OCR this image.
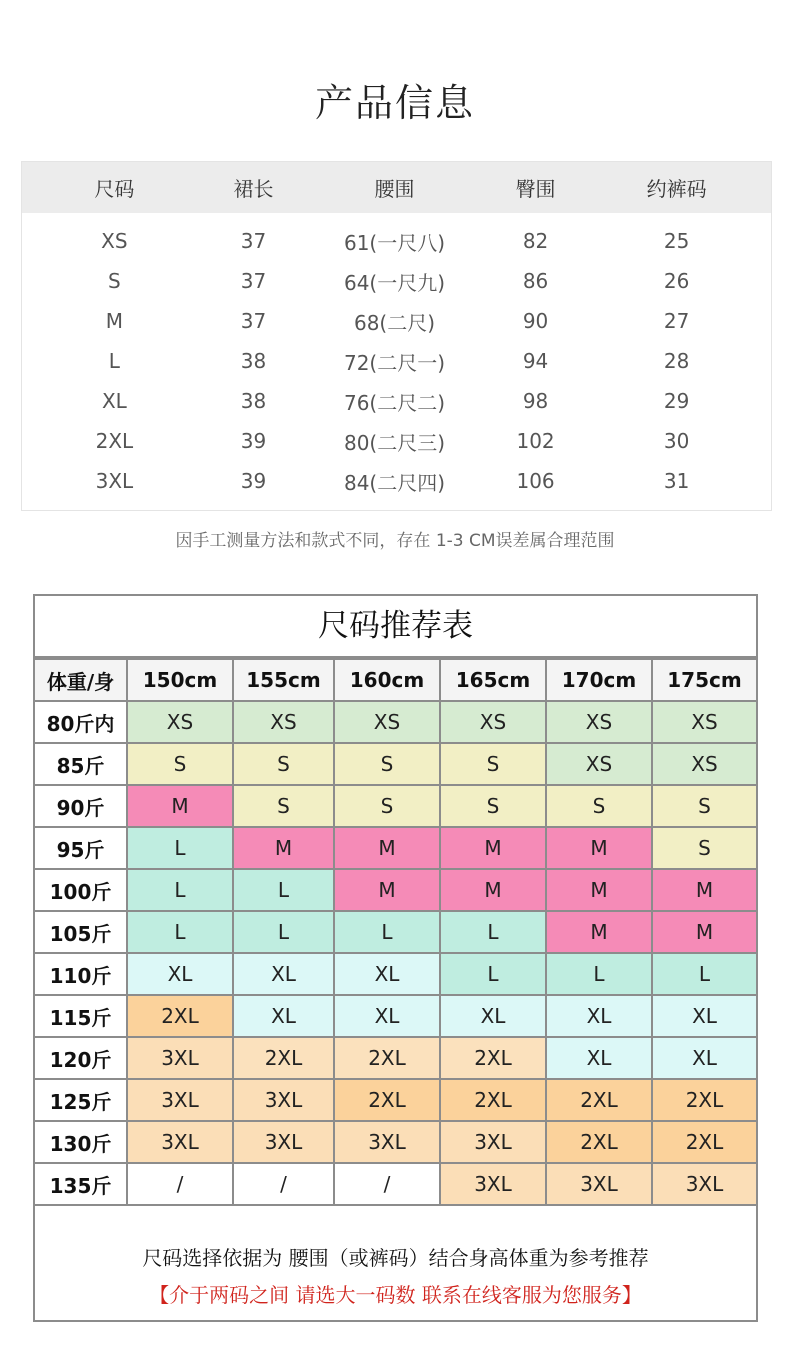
产品信息
尺码	裙长	腰围	臀围	约裤码
XS	37	61(一尺八)	82	25
S	37	64(一尺九)	86	26
M	37	68(二尺)	90	27
L	38	72(二尺一)	94	28
XL	38	76(二尺二)	98	29
2XL	39	80(二尺三)	102	30
3XL	39	84(二尺四)	106	31
因手工测量方法和款式不同，存在 1-3 CM误差属合理范围
尺码推荐表
体重/身	150cm	155cm	160cm	165cm	170cm	175cm
80斤内	XS	XS	XS	XS	XS	XS
85斤	S	S	S	S	XS	XS
90斤	M	S	S	S	S	S
95斤	L	M	M	M	M	S
100斤	L	L	M	M	M	M
105斤	L	L	L	L	M	M
110斤	XL	XL	XL	L	L	L
115斤	2XL	XL	XL	XL	XL	XL
120斤	3XL	2XL	2XL	2XL	XL	XL
125斤	3XL	3XL	2XL	2XL	2XL	2XL
130斤	3XL	3XL	3XL	3XL	2XL	2XL
135斤	/	/	/	3XL	3XL	3XL
尺码选择依据为 腰围（或裤码）结合身高体重为参考推荐
【介于两码之间 请选大一码数 联系在线客服为您服务】
